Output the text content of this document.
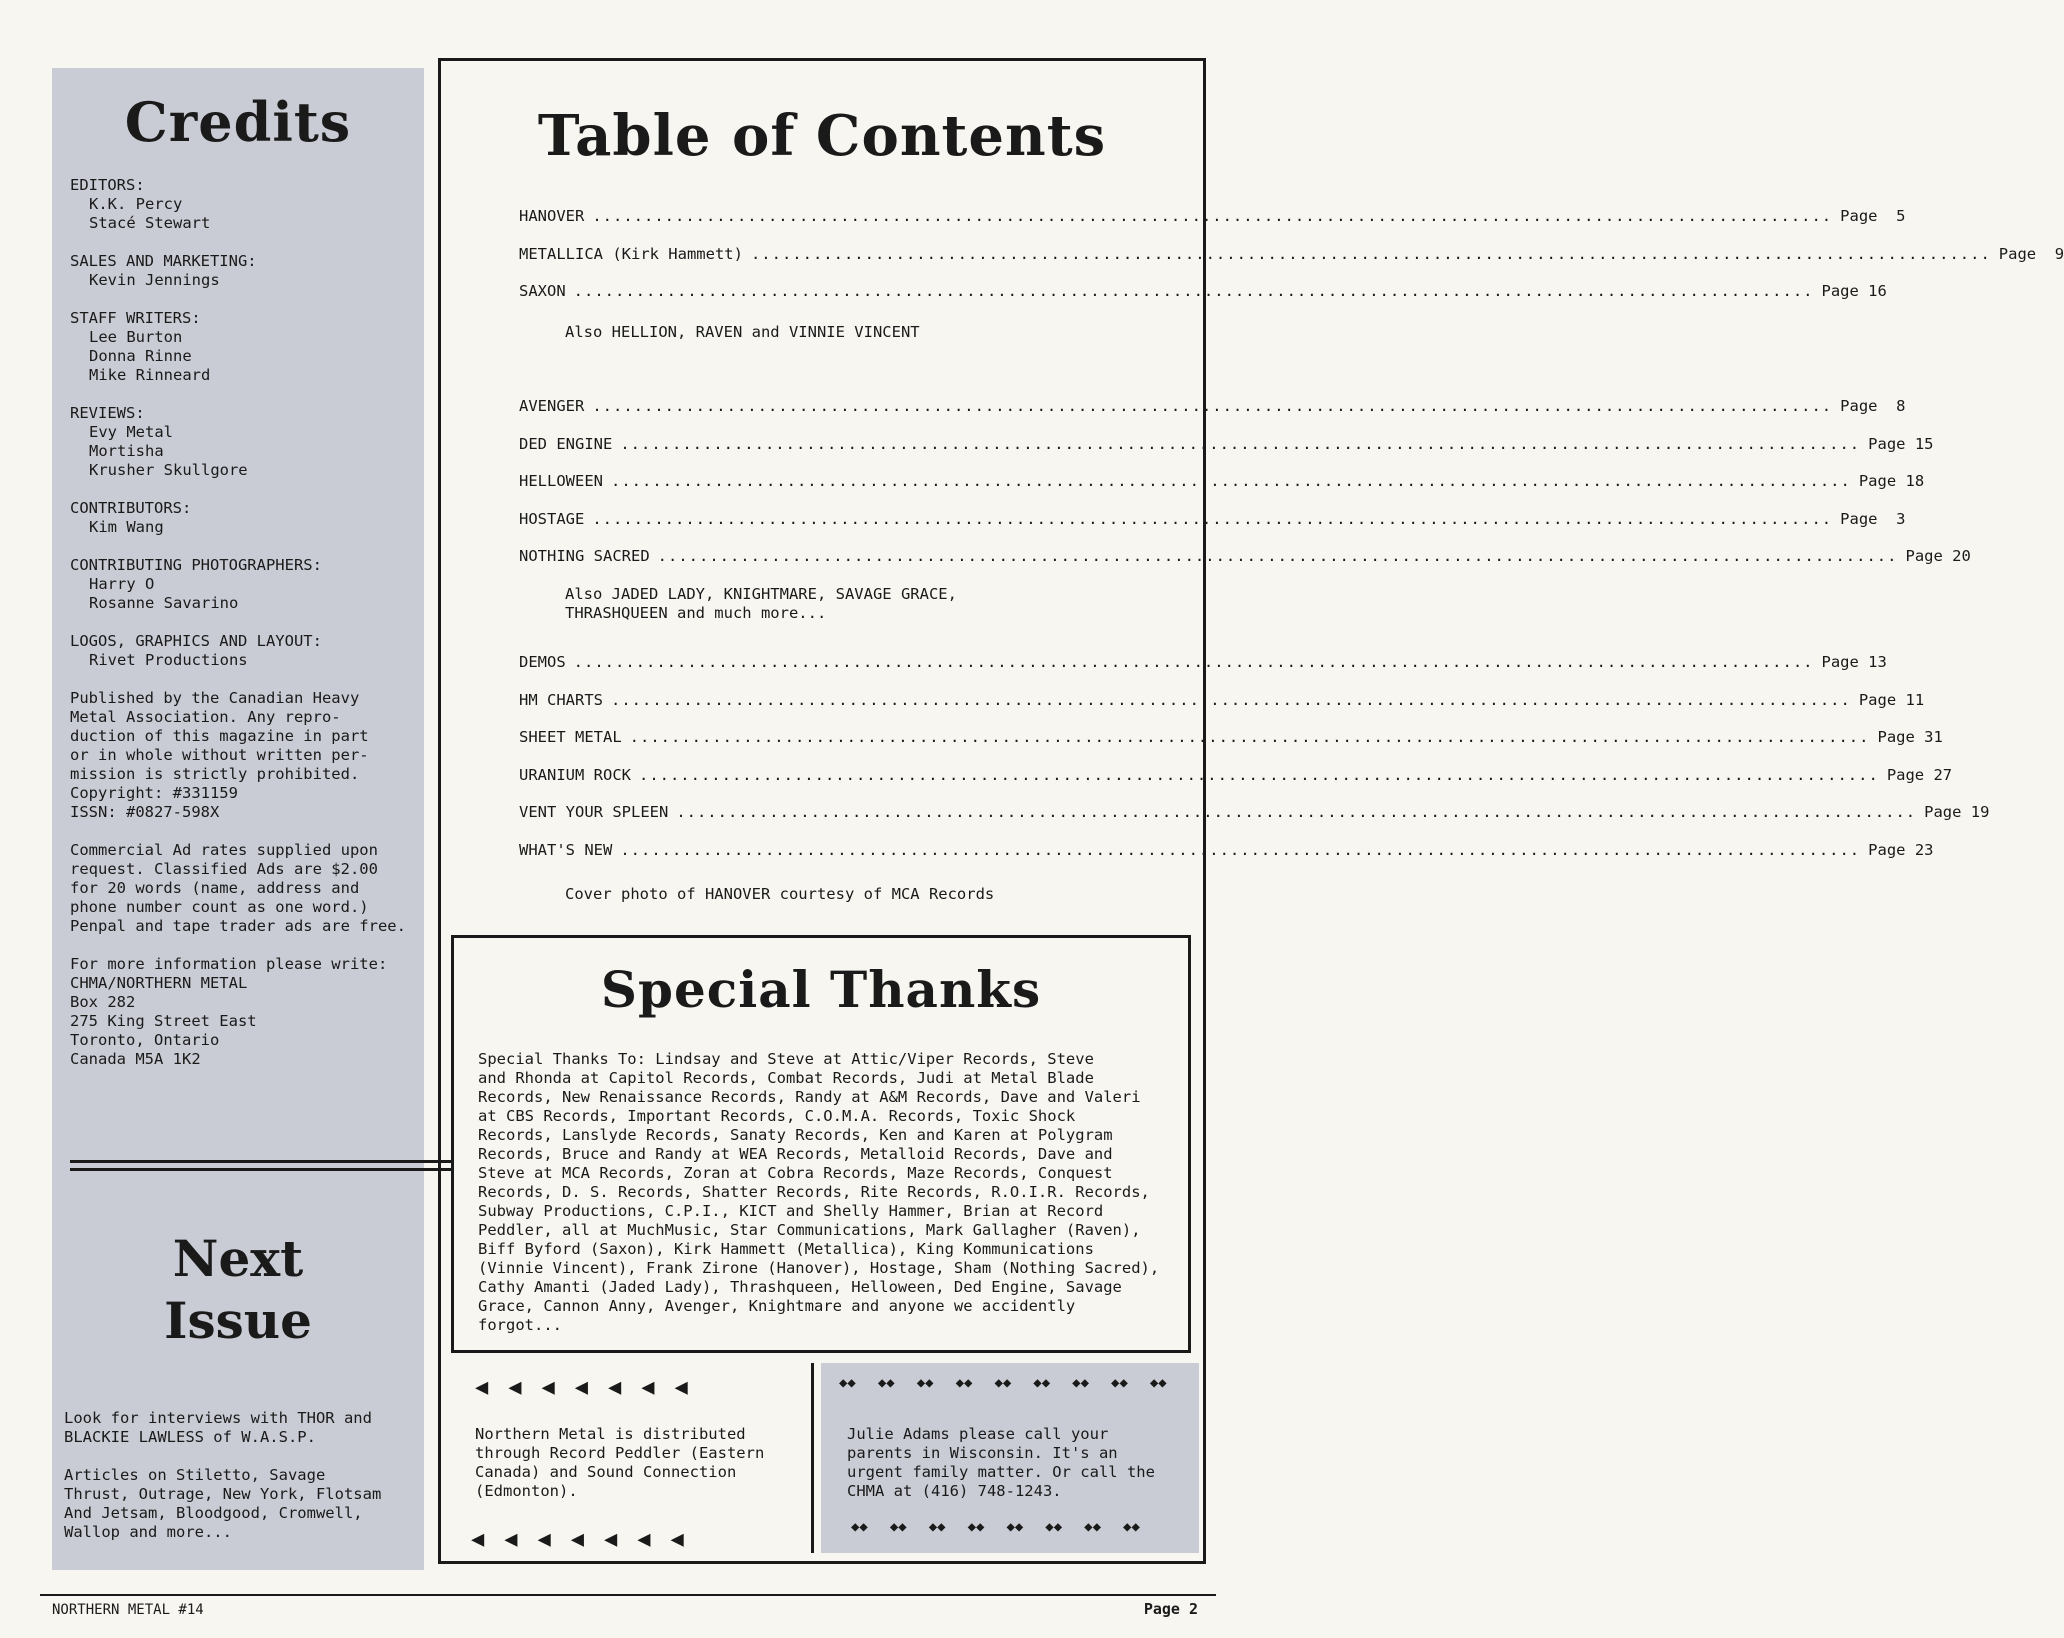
Credits
EDITORS:
K.K. Percy
Stacé Stewart
SALES AND MARKETING:
Kevin Jennings
STAFF WRITERS:
Lee Burton
Donna Rinne
Mike Rinneard
REVIEWS:
Evy Metal
Mortisha
Krusher Skullgore
CONTRIBUTORS:
Kim Wang
CONTRIBUTING PHOTOGRAPHERS:
Harry O
Rosanne Savarino
LOGOS, GRAPHICS AND LAYOUT:
Rivet Productions

Published by the Canadian Heavy
Metal Association. Any repro-
duction of this magazine in part
or in whole without written per-
mission is strictly prohibited.
Copyright: #331159
ISSN: #0827-598X

Commercial Ad rates supplied upon
request. Classified Ads are $2.00
for 20 words (name, address and
phone number count as one word.)
Penpal and tape trader ads are free.

For more information please write:
CHMA/NORTHERN METAL
Box 282
275 King Street East
Toronto, Ontario
Canada M5A 1K2

Next
Issue

Look for interviews with THOR and
BLACKIE LAWLESS of W.A.S.P.

Articles on Stiletto, Savage
Thrust, Outrage, New York, Flotsam
And Jetsam, Bloodgood, Cromwell,
Wallop and more...

Table of Contents
HANOVER ........................................................................................................................ Page  5
METALLICA (Kirk Hammett) ........................................................................................................................ Page  9
SAXON ........................................................................................................................ Page 16
AVENGER ........................................................................................................................ Page  8
DED ENGINE ........................................................................................................................ Page 15
HELLOWEEN ........................................................................................................................ Page 18
HOSTAGE ........................................................................................................................ Page  3
NOTHING SACRED ........................................................................................................................ Page 20
DEMOS ........................................................................................................................ Page 13
HM CHARTS ........................................................................................................................ Page 11
SHEET METAL ........................................................................................................................ Page 31
URANIUM ROCK ........................................................................................................................ Page 27
VENT YOUR SPLEEN ........................................................................................................................ Page 19
WHAT'S NEW ........................................................................................................................ Page 23
Also HELLION, RAVEN and VINNIE VINCENT
Also JADED LADY, KNIGHTMARE, SAVAGE GRACE,
THRASHQUEEN and much more...
Cover photo of HANOVER courtesy of MCA Records
Special Thanks

Special Thanks To: Lindsay and Steve at Attic/Viper Records, Steve
and Rhonda at Capitol Records, Combat Records, Judi at Metal Blade
Records, New Renaissance Records, Randy at A&M Records, Dave and Valeri
at CBS Records, Important Records, C.O.M.A. Records, Toxic Shock
Records, Lanslyde Records, Sanaty Records, Ken and Karen at Polygram
Records, Bruce and Randy at WEA Records, Metalloid Records, Dave and
Steve at MCA Records, Zoran at Cobra Records, Maze Records, Conquest
Records, D. S. Records, Shatter Records, Rite Records, R.O.I.R. Records,
Subway Productions, C.P.I., KICT and Shelly Hammer, Brian at Record
Peddler, all at MuchMusic, Star Communications, Mark Gallagher (Raven),
Biff Byford (Saxon), Kirk Hammett (Metallica), King Kommunications
(Vinnie Vincent), Frank Zirone (Hanover), Hostage, Sham (Nothing Sacred),
Cathy Amanti (Jaded Lady), Thrashqueen, Helloween, Ded Engine, Savage
Grace, Cannon Anny, Avenger, Knightmare and anyone we accidently
forgot...

◀ ◀ ◀ ◀ ◀ ◀ ◀

Northern Metal is distributed
through Record Peddler (Eastern
Canada) and Sound Connection
(Edmonton).

◀ ◀ ◀ ◀ ◀ ◀ ◀
◆◆ ◆◆ ◆◆ ◆◆ ◆◆ ◆◆ ◆◆ ◆◆ ◆◆

Julie Adams please call your
parents in Wisconsin. It's an
urgent family matter. Or call the
CHMA at (416) 748-1243.

◆◆ ◆◆ ◆◆ ◆◆ ◆◆ ◆◆ ◆◆ ◆◆
NORTHERN METAL #14	Page 2
